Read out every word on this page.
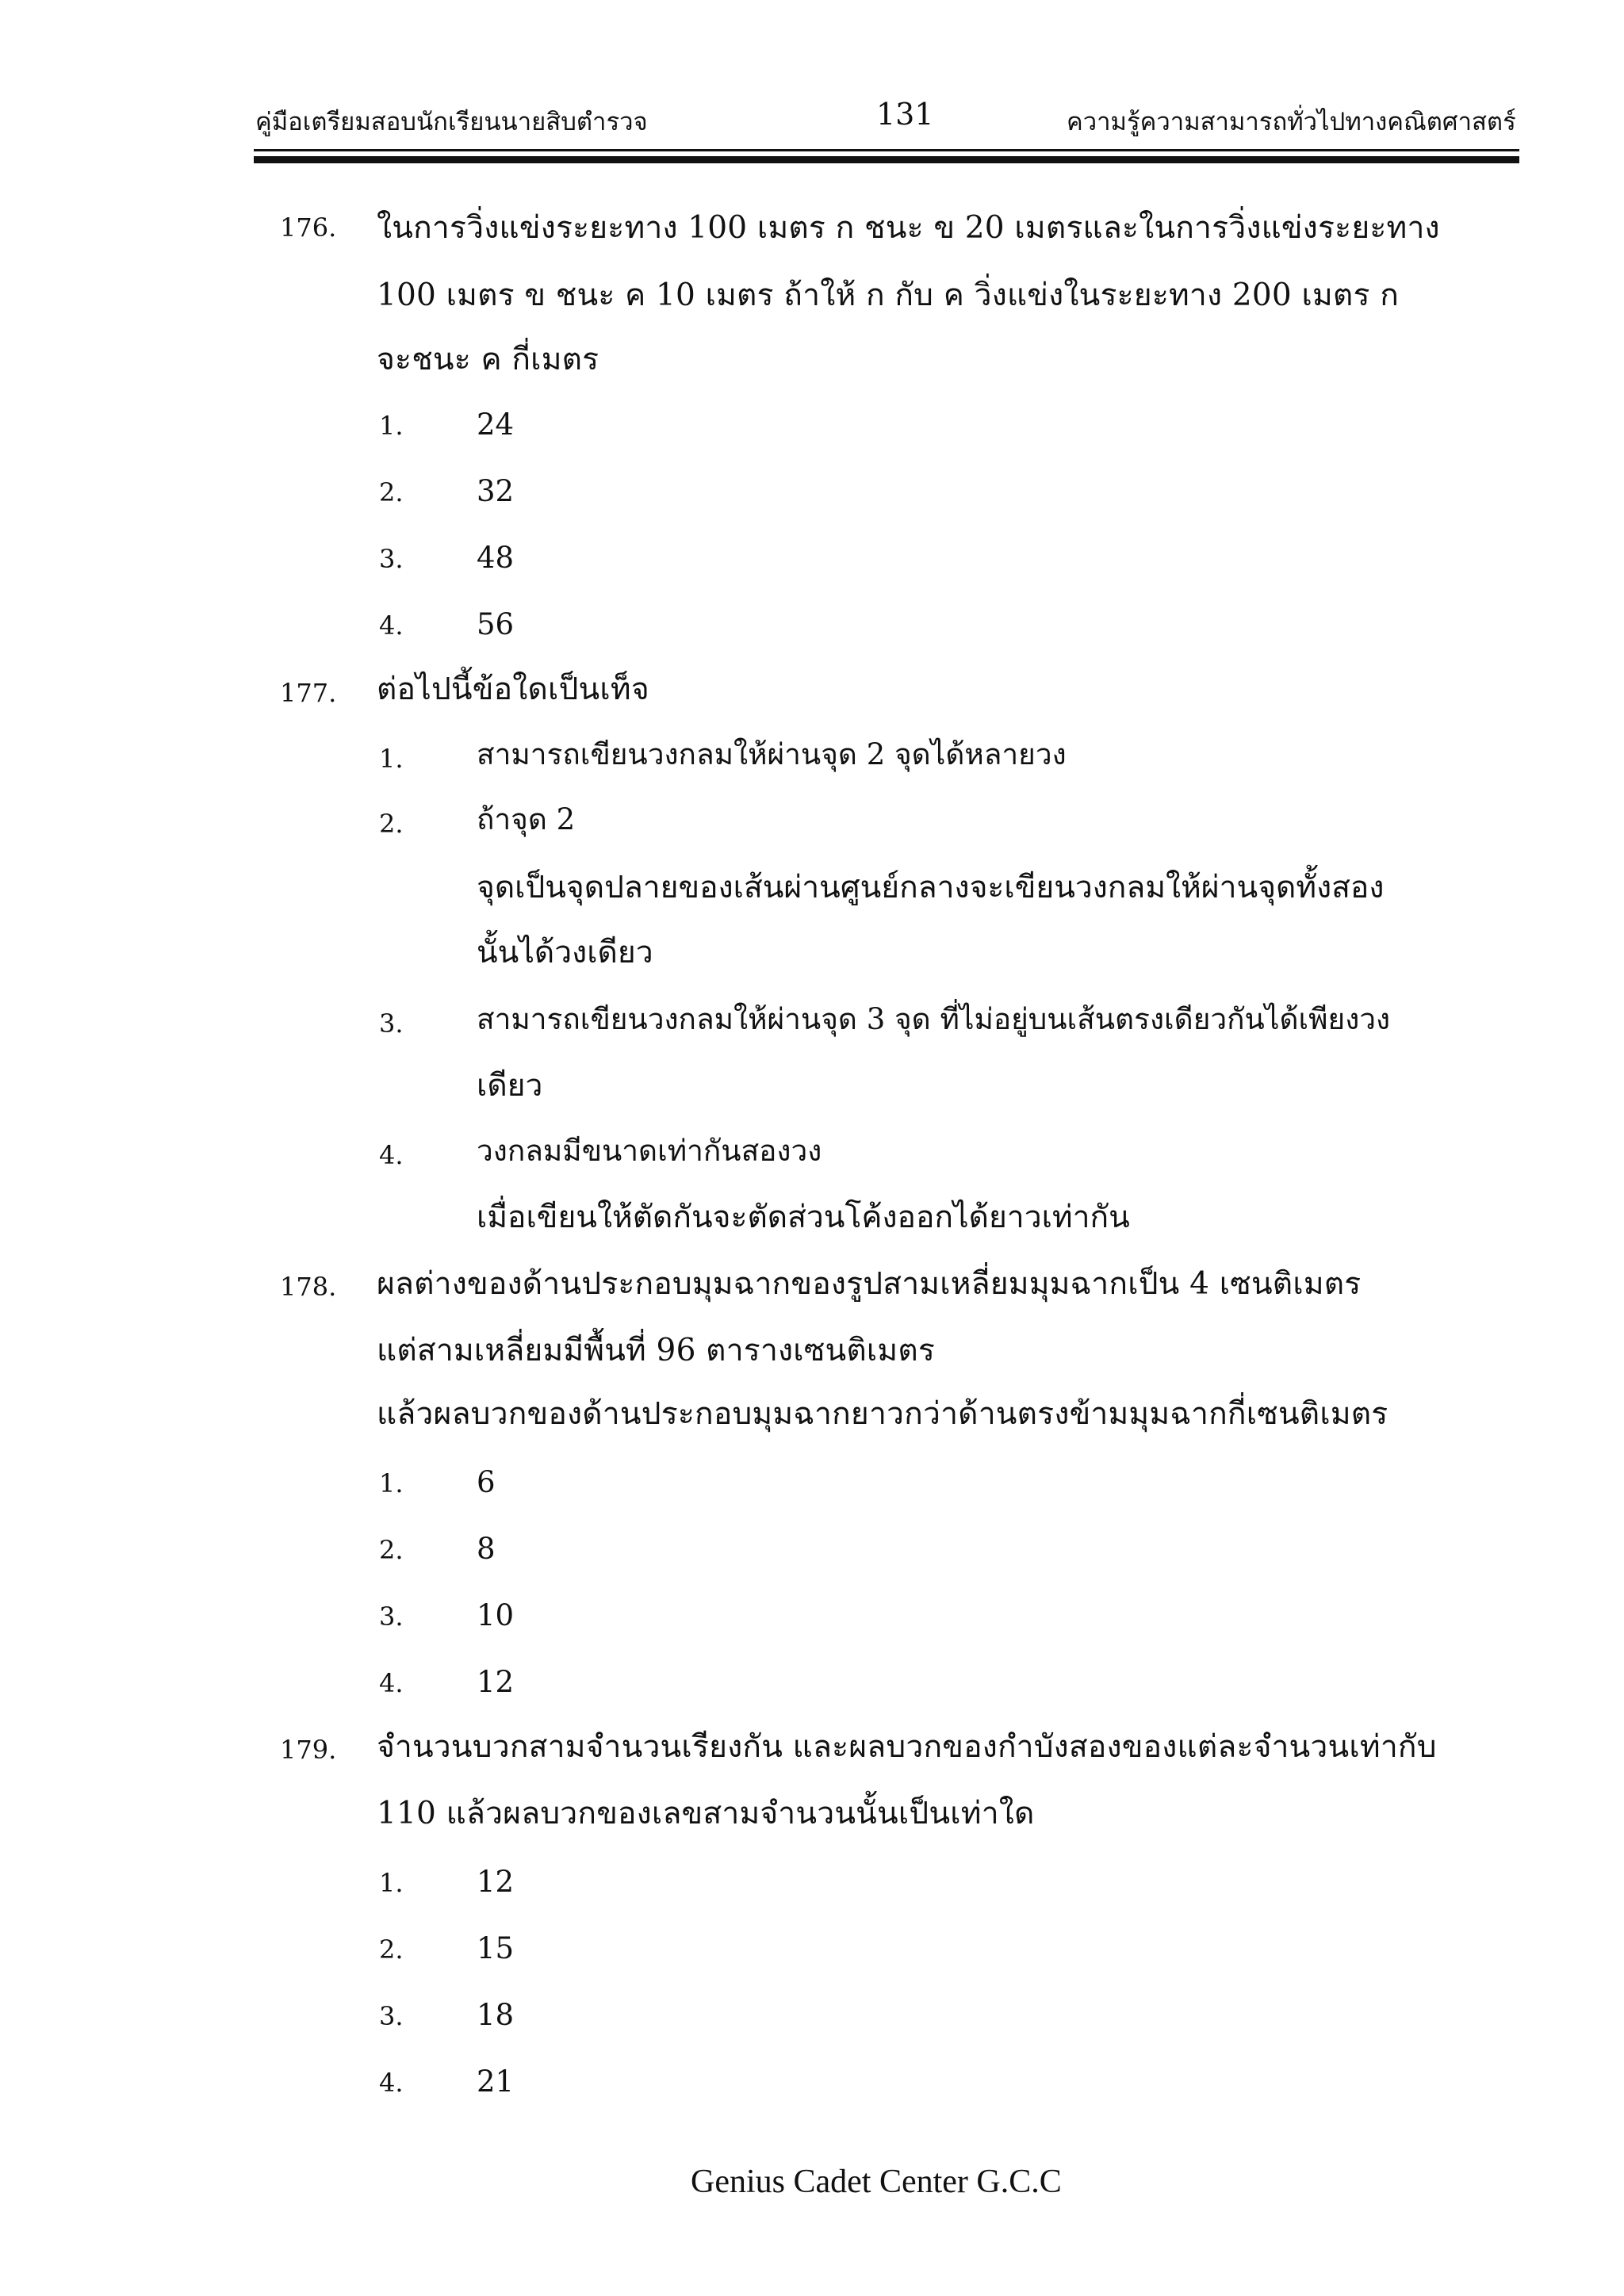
คู่มือเตรียมสอบนักเรียนนายสิบตำรวจ	131	ความรู้ความสามารถทั่วไปทางคณิตศาสตร์
176. ในการวิ่งแข่งระยะทาง 100 เมตร ก ชนะ ข 20 เมตรและในการวิ่งแข่งระยะทาง
100 เมตร ข ชนะ ค 10 เมตร ถ้าให้ ก กับ ค วิ่งแข่งในระยะทาง 200 เมตร ก
จะชนะ ค กี่เมตร
1. 24
2. 32
3. 48
4. 56
177. ต่อไปนี้ข้อใดเป็นเท็จ
1. สามารถเขียนวงกลมให้ผ่านจุด 2 จุดได้หลายวง
2. ถ้าจุด 2
จุดเป็นจุดปลายของเส้นผ่านศูนย์กลางจะเขียนวงกลมให้ผ่านจุดทั้งสอง
นั้นได้วงเดียว
3. สามารถเขียนวงกลมให้ผ่านจุด 3 จุด ที่ไม่อยู่บนเส้นตรงเดียวกันได้เพียงวง
เดียว
4. วงกลมมีขนาดเท่ากันสองวง
เมื่อเขียนให้ตัดกันจะตัดส่วนโค้งออกได้ยาวเท่ากัน
178. ผลต่างของด้านประกอบมุมฉากของรูปสามเหลี่ยมมุมฉากเป็น 4 เซนติเมตร
แต่สามเหลี่ยมมีพื้นที่ 96 ตารางเซนติเมตร
แล้วผลบวกของด้านประกอบมุมฉากยาวกว่าด้านตรงข้ามมุมฉากกี่เซนติเมตร
1. 6
2. 8
3. 10
4. 12
179. จำนวนบวกสามจำนวนเรียงกัน และผลบวกของกำบังสองของแต่ละจำนวนเท่ากับ
110 แล้วผลบวกของเลขสามจำนวนนั้นเป็นเท่าใด
1. 12
2. 15
3. 18
4. 21
Genius Cadet Center G.C.C
